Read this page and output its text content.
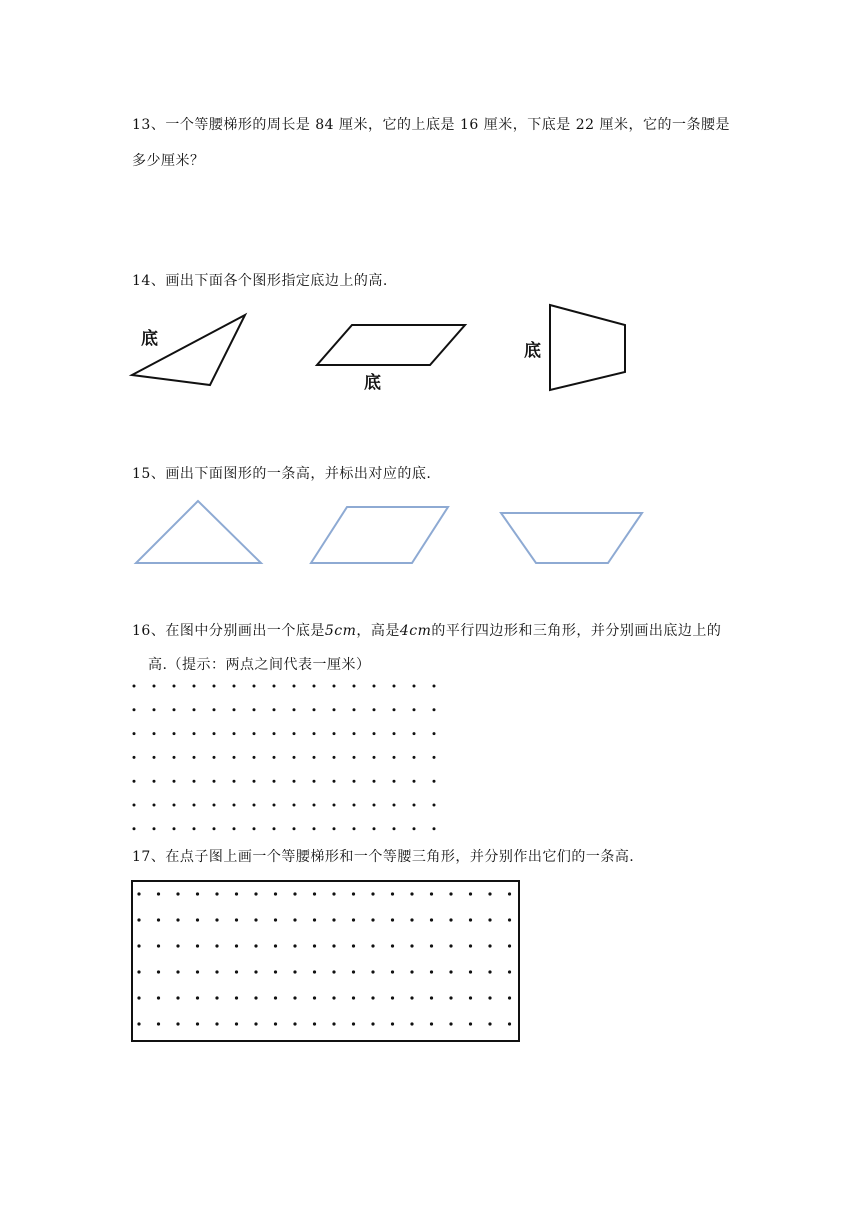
13、一个等腰梯形的周长是 84 厘米，它的上底是 16 厘米，下底是 22 厘米，它的一条腰是
多少厘米？
14、画出下面各个图形指定底边上的高.
15、画出下面图形的一条高，并标出对应的底.
16、在图中分别画出一个底是5cm，高是4cm的平行四边形和三角形，并分别画出底边上的
高.（提示：两点之间代表一厘米）
17、在点子图上画一个等腰梯形和一个等腰三角形，并分别作出它们的一条高.
底
底
底
